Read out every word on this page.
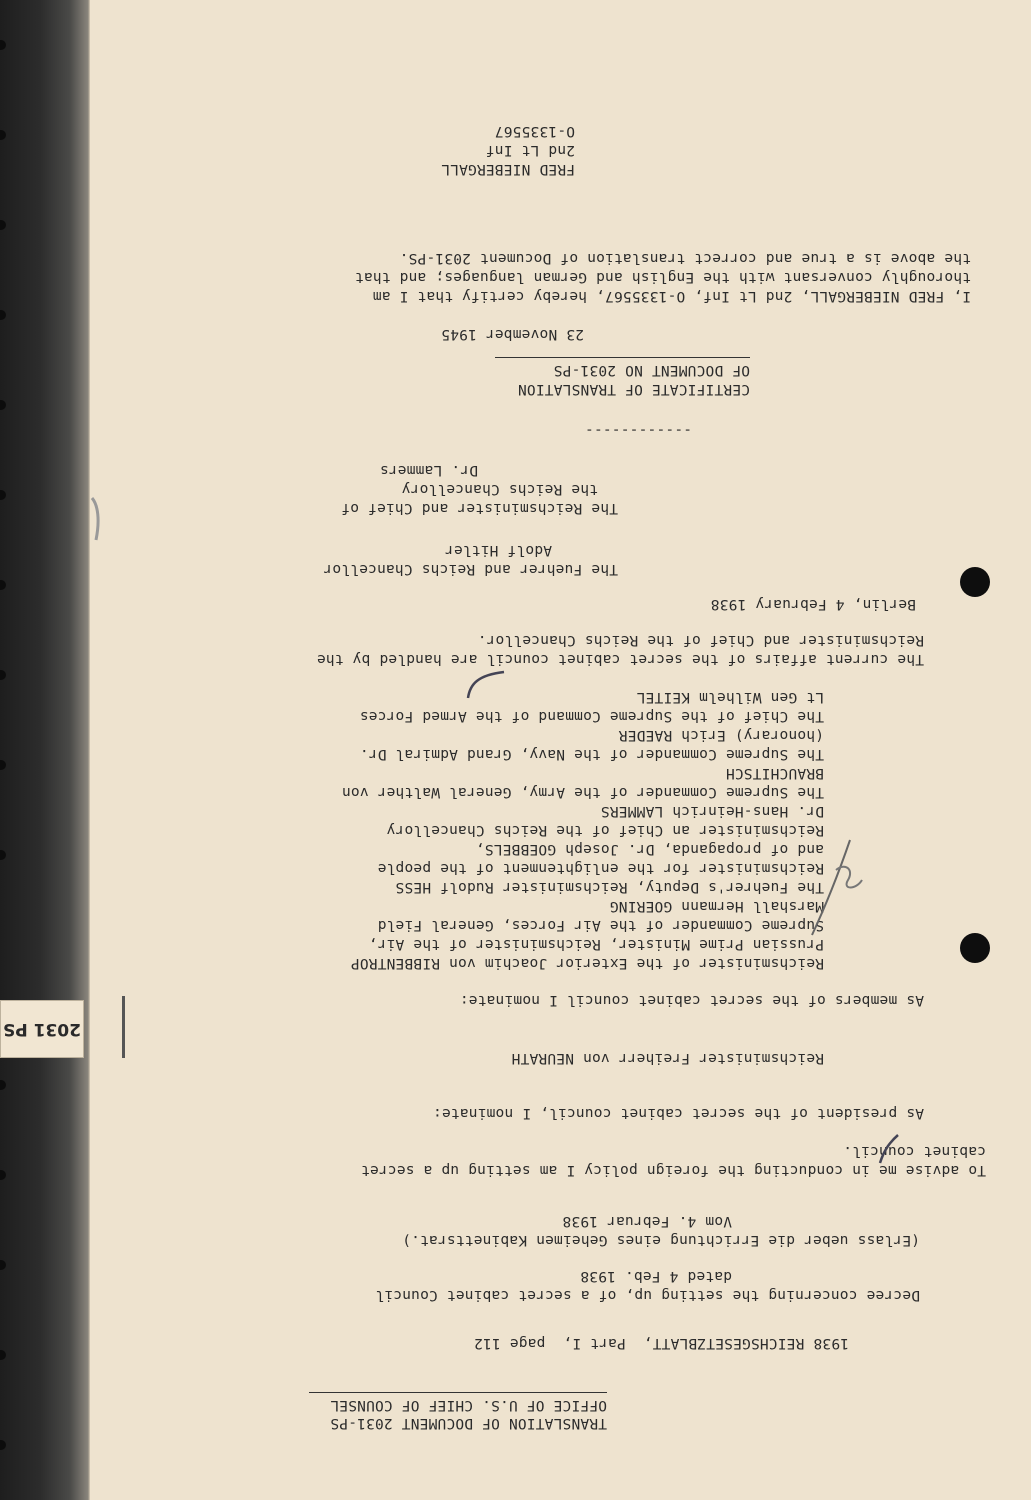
2031 PS
TRANSLATION OF DOCUMENT 2031-PS
OFFICE OF U.S. CHIEF OF COUNSEL
1938 REICHSGESETZBLATT,  Part I,  page 112
Decree concerning the setting up, of a secret cabinet Council
dated 4 Feb. 1938
(Erlass ueber die Errichtung eines Geheimen Kabinettsrat.)
Vom 4. Februar 1938
To advise me in conducting the foreign policy I am setting up a secret
cabinet council.
As president of the secret cabinet council, I nominate:
Reichsminister Freiherr von NEURATH
As members of the secret cabinet council I nominate:
Reichsminister of the Exterior Joachim von RIBBENTROP
Prussian Prime Minister, Reichsminister of the Air,
Supreme Commander of the Air Forces, General Field
Marshall Hermann GOERING
The Fuehrer's Deputy, Reichsminister Rudolf HESS
Reichsminister for the enlightenment of the people
and of propaganda, Dr. Joseph GOEBBELS,
Reichsminister an Chief of the Reichs Chancellory
Dr. Hans-Heinrich LAMMERS
The Supreme Commander of the Army, General Walther von
BRAUCHITSCH
The Supreme Commander of the Navy, Grand Admiral Dr.
(honorary) Erich RAEDER
The Chief of the Supreme Command of the Armed Forces
Lt Gen Wilhelm KEITEL
The current affairs of the secret cabinet council are handled by the
Reichsminister and Chief of the Reichs Chancellor.
Berlin, 4 February 1938
The Fuehrer and Reichs Chancellor
Adolf Hitler
The Reichsminister and Chief of
the Reichs Chancellory
Dr. Lammers
------------
CERTIFICATE OF TRANSLATION
OF DOCUMENT NO 2031-PS
23 November 1945
I, FRED NIEBERGALL, 2nd Lt Inf, O-1335567, hereby certify that I am
thoroughly conversant with the English and German languages; and that
the above is a true and correct translation of Document 2031-PS.
FRED NIEBERGALL
2nd Lt Inf
O-1335567
